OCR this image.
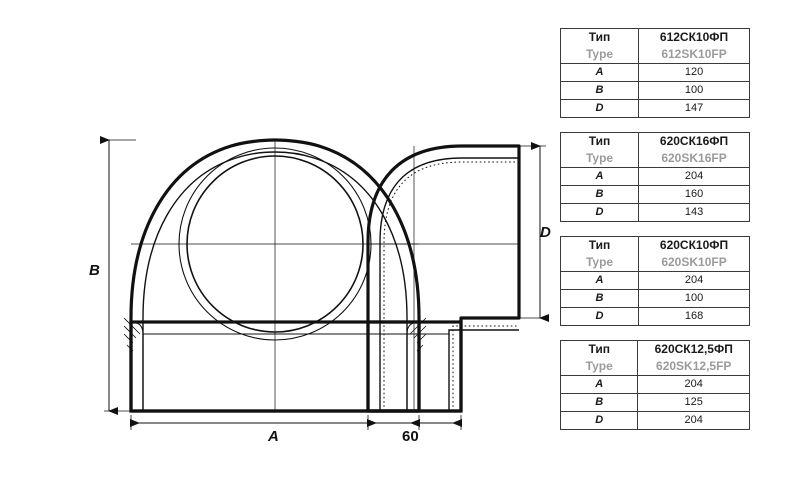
B
A
D
60
Тип	612СК10ФП
Type	612SK10FP
A	120
B	100
D	147
Тип	620СК16ФП
Type	620SK16FP
A	204
B	160
D	143
Тип	620СК10ФП
Type	620SK10FP
A	204
B	100
D	168
Тип	620СК12,5ФП
Type	620SK12,5FP
A	204
B	125
D	204
